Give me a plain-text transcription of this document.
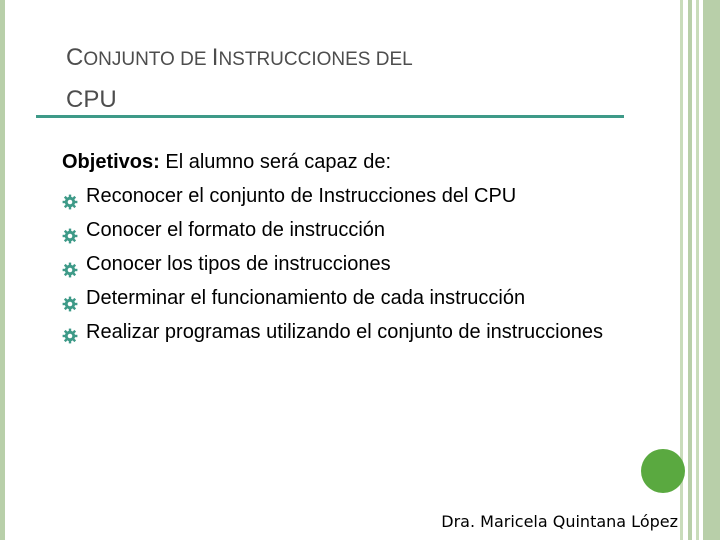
CONJUNTO DE INSTRUCCIONES DEL
CPU
Objetivos: El alumno será capaz de:
Reconocer el conjunto de Instrucciones del CPU
Conocer el formato de instrucción
Conocer los tipos de instrucciones
Determinar el funcionamiento de cada instrucción
Realizar programas utilizando el conjunto de instrucciones
Dra. Maricela Quintana López
